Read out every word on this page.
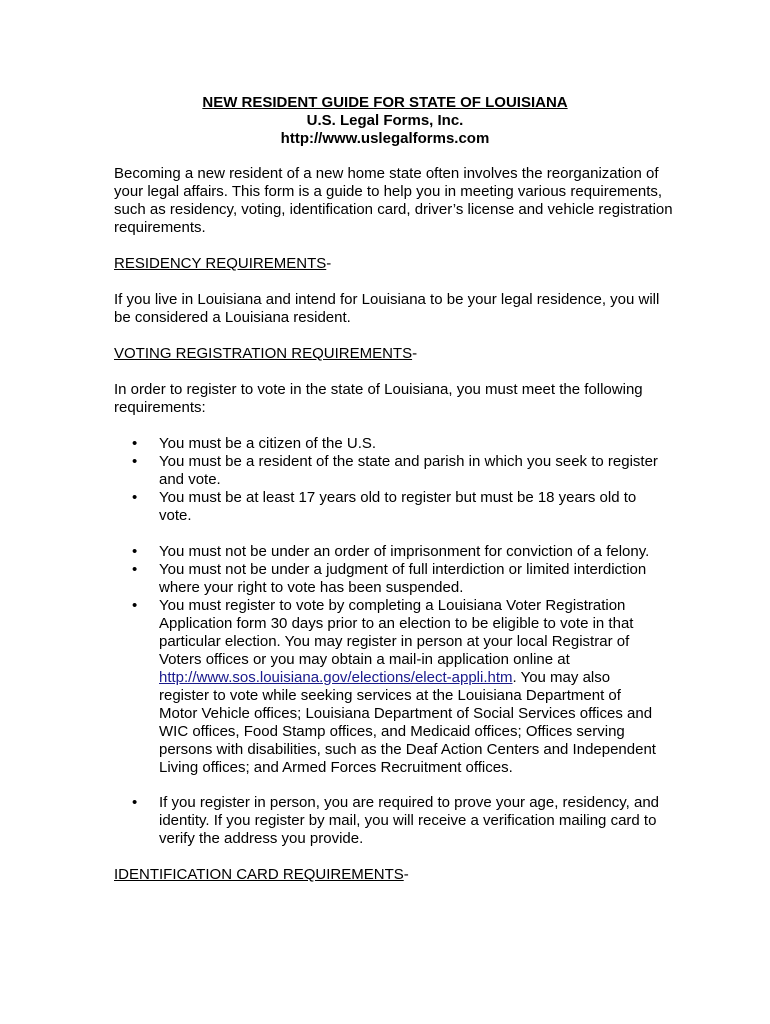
NEW RESIDENT GUIDE FOR STATE OF LOUISIANA
U.S. Legal Forms, Inc.
http://www.uslegalforms.com
Becoming a new resident of a new home state often involves the reorganization of your legal affairs. This form is a guide to help you in meeting various requirements, such as residency, voting, identification card, driver’s license and vehicle registration requirements.
RESIDENCY REQUIREMENTS-
If you live in Louisiana and intend for Louisiana to be your legal residence, you will be considered a Louisiana resident.
VOTING REGISTRATION REQUIREMENTS-
In order to register to vote in the state of Louisiana, you must meet the following requirements:
• You must be a citizen of the U.S.
• You must be a resident of the state and parish in which you seek to register and vote.
• You must be at least 17 years old to register but must be 18 years old to vote.
• You must not be under an order of imprisonment for conviction of a felony.
• You must not be under a judgment of full interdiction or limited interdiction where your right to vote has been suspended.
• You must register to vote by completing a Louisiana Voter Registration Application form 30 days prior to an election to be eligible to vote in that particular election. You may register in person at your local Registrar of Voters offices or you may obtain a mail-in application online at http://www.sos.louisiana.gov/elections/elect-appli.htm. You may also register to vote while seeking services at the Louisiana Department of Motor Vehicle offices; Louisiana Department of Social Services offices and WIC offices, Food Stamp offices, and Medicaid offices; Offices serving persons with disabilities, such as the Deaf Action Centers and Independent Living offices; and Armed Forces Recruitment offices.
• If you register in person, you are required to prove your age, residency, and identity. If you register by mail, you will receive a verification mailing card to verify the address you provide.
IDENTIFICATION CARD REQUIREMENTS-
